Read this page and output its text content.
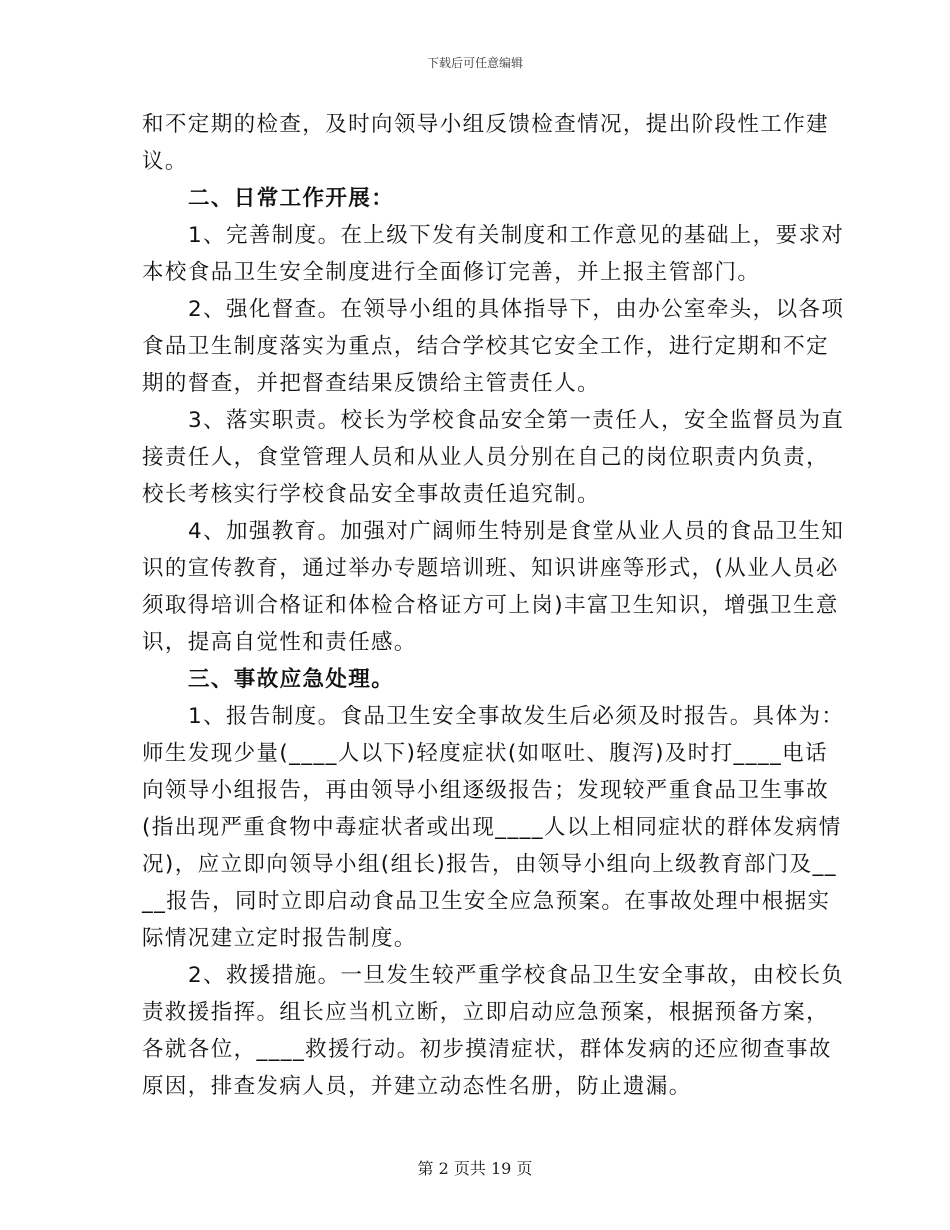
下载后可任意编辑
和不定期的检查，及时向领导小组反馈检查情况，提出阶段性工作建
议。
二、日常工作开展：
1、完善制度。在上级下发有关制度和工作意见的基础上，要求对
本校食品卫生安全制度进行全面修订完善，并上报主管部门。
2、强化督查。在领导小组的具体指导下，由办公室牵头，以各项
食品卫生制度落实为重点，结合学校其它安全工作，进行定期和不定
期的督查，并把督查结果反馈给主管责任人。
3、落实职责。校长为学校食品安全第一责任人，安全监督员为直
接责任人，食堂管理人员和从业人员分别在自己的岗位职责内负责，
校长考核实行学校食品安全事故责任追究制。
4、加强教育。加强对广阔师生特别是食堂从业人员的食品卫生知
识的宣传教育，通过举办专题培训班、知识讲座等形式，(从业人员必
须取得培训合格证和体检合格证方可上岗)丰富卫生知识，增强卫生意
识，提高自觉性和责任感。
三、事故应急处理。
1、报告制度。食品卫生安全事故发生后必须及时报告。具体为：
师生发现少量(____人以下)轻度症状(如呕吐、腹泻)及时打____电话
向领导小组报告，再由领导小组逐级报告；发现较严重食品卫生事故
(指出现严重食物中毒症状者或出现____人以上相同症状的群体发病情
况)，应立即向领导小组(组长)报告，由领导小组向上级教育部门及__
__报告，同时立即启动食品卫生安全应急预案。在事故处理中根据实
际情况建立定时报告制度。
2、救援措施。一旦发生较严重学校食品卫生安全事故，由校长负
责救援指挥。组长应当机立断，立即启动应急预案，根据预备方案，
各就各位，____救援行动。初步摸清症状，群体发病的还应彻查事故
原因，排查发病人员，并建立动态性名册，防止遗漏。
第 2 页共 19 页
